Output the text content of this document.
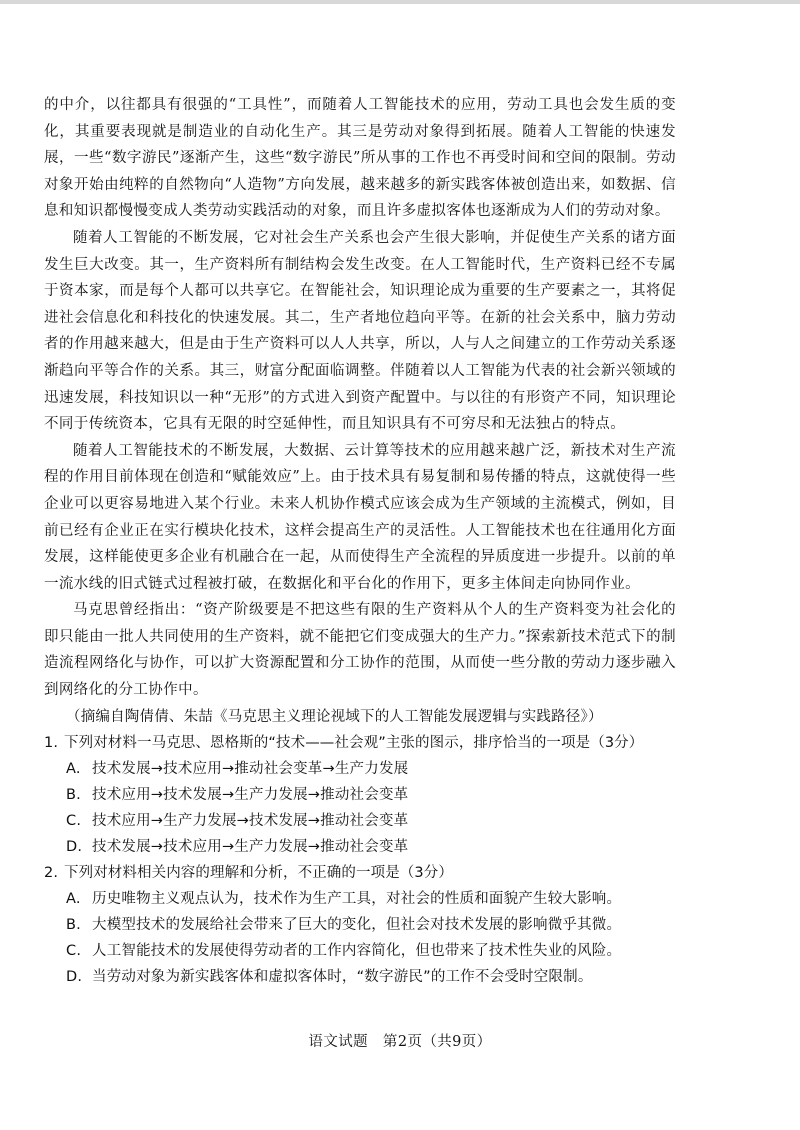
的中介，以往都具有很强的“工具性”，而随着人工智能技术的应用，劳动工具也会发生质的变化，其重要表现就是制造业的自动化生产。其三是劳动对象得到拓展。随着人工智能的快速发展，一些“数字游民”逐渐产生，这些“数字游民”所从事的工作也不再受时间和空间的限制。劳动对象开始由纯粹的自然物向“人造物”方向发展，越来越多的新实践客体被创造出来，如数据、信息和知识都慢慢变成人类劳动实践活动的对象，而且许多虚拟客体也逐渐成为人们的劳动对象。

随着人工智能的不断发展，它对社会生产关系也会产生很大影响，并促使生产关系的诸方面发生巨大改变。其一，生产资料所有制结构会发生改变。在人工智能时代，生产资料已经不专属于资本家，而是每个人都可以共享它。在智能社会，知识理论成为重要的生产要素之一，其将促进社会信息化和科技化的快速发展。其二，生产者地位趋向平等。在新的社会关系中，脑力劳动者的作用越来越大，但是由于生产资料可以人人共享，所以，人与人之间建立的工作劳动关系逐渐趋向平等合作的关系。其三，财富分配面临调整。伴随着以人工智能为代表的社会新兴领域的迅速发展，科技知识以一种“无形”的方式进入到资产配置中。与以往的有形资产不同，知识理论不同于传统资本，它具有无限的时空延伸性，而且知识具有不可穷尽和无法独占的特点。

随着人工智能技术的不断发展，大数据、云计算等技术的应用越来越广泛，新技术对生产流程的作用目前体现在创造和“赋能效应”上。由于技术具有易复制和易传播的特点，这就使得一些企业可以更容易地进入某个行业。未来人机协作模式应该会成为生产领域的主流模式，例如，目前已经有企业正在实行模块化技术，这样会提高生产的灵活性。人工智能技术也在往通用化方面发展，这样能使更多企业有机融合在一起，从而使得生产全流程的异质度进一步提升。以前的单一流水线的旧式链式过程被打破，在数据化和平台化的作用下，更多主体间走向协同作业。

马克思曾经指出：“资产阶级要是不把这些有限的生产资料从个人的生产资料变为社会化的即只能由一批人共同使用的生产资料，就不能把它们变成强大的生产力。”探索新技术范式下的制造流程网络化与协作，可以扩大资源配置和分工协作的范围，从而使一些分散的劳动力逐步融入到网络化的分工协作中。

（摘编自陶倩倩、朱喆《马克思主义理论视域下的人工智能发展逻辑与实践路径》）

1. 下列对材料一马克思、恩格斯的“技术——社会观”主张的图示，排序恰当的一项是（3分）

A. 技术发展→技术应用→推动社会变革→生产力发展

B. 技术应用→技术发展→生产力发展→推动社会变革

C. 技术应用→生产力发展→技术发展→推动社会变革

D. 技术发展→技术应用→生产力发展→推动社会变革

2. 下列对材料相关内容的理解和分析，不正确的一项是（3分）

A. 历史唯物主义观点认为，技术作为生产工具，对社会的性质和面貌产生较大影响。

B. 大模型技术的发展给社会带来了巨大的变化，但社会对技术发展的影响微乎其微。

C. 人工智能技术的发展使得劳动者的工作内容简化，但也带来了技术性失业的风险。

D. 当劳动对象为新实践客体和虚拟客体时，“数字游民”的工作不会受时空限制。

语文试题　第2页（共9页）
